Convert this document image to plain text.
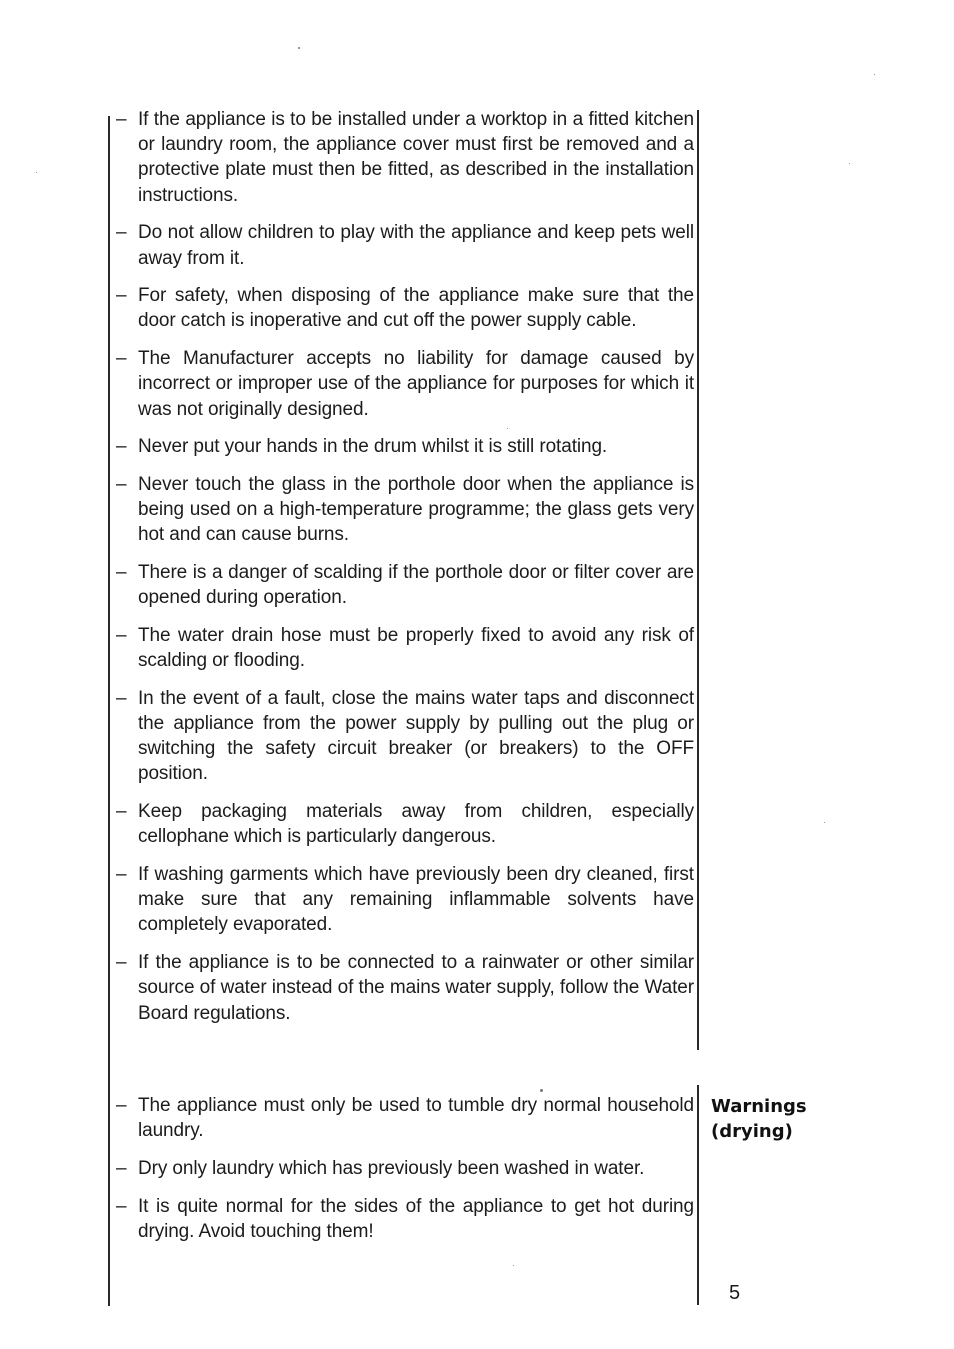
– If the appliance is to be installed under a worktop in a fitted kitchen or laundry room, the appliance cover must first be removed and a protective plate must then be fitted, as described in the installation instructions.
– Do not allow children to play with the appliance and keep pets well away from it.
– For safety, when disposing of the appliance make sure that the door catch is inoperative and cut off the power supply cable.
– The Manufacturer accepts no liability for damage caused by incorrect or improper use of the appliance for purposes for which it was not originally designed.
– Never put your hands in the drum whilst it is still rotating.
– Never touch the glass in the porthole door when the appliance is being used on a high-temperature programme; the glass gets very hot and can cause burns.
– There is a danger of scalding if the porthole door or filter cover are opened during operation.
– The water drain hose must be properly fixed to avoid any risk of scalding or flooding.
– In the event of a fault, close the mains water taps and disconnect the appliance from the power supply by pulling out the plug or switching the safety circuit breaker (or breakers) to the OFF position.
– Keep packaging materials away from children, especially cellophane which is particularly dangerous.
– If washing garments which have previously been dry cleaned, first make sure that any remaining inflammable solvents have completely evaporated.
– If the appliance is to be connected to a rainwater or other similar source of water instead of the mains water supply, follow the Water Board regulations.
– The appliance must only be used to tumble dry normal household laundry.
– Dry only laundry which has previously been washed in water.
– It is quite normal for the sides of the appliance to get hot during drying. Avoid touching them!
Warnings
(drying)
5
